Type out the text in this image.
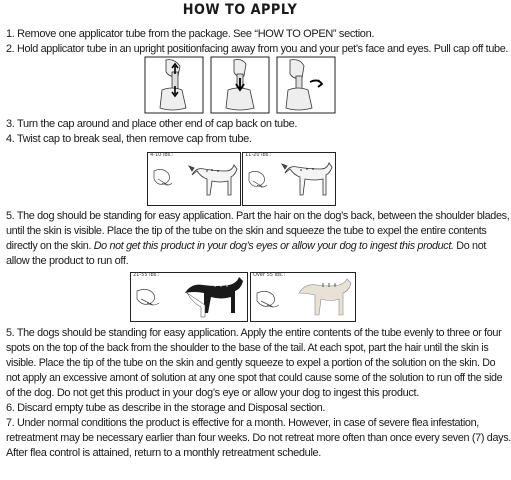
HOW TO APPLY
1. Remove one applicator tube from the package. See “HOW TO OPEN” section.
2. Hold applicator tube in an upright positionfacing away from you and your pet’s face and eyes. Pull cap off tube.
3. Turn the cap around and place other end of cap back on tube.
4. Twist cap to break seal, then remove cap from tube.
4-10 lbs.:	11-20 lbs.:
5. The dog should be standing for easy application. Part the hair on the dog’s back, between the shoulder blades,
until the skin is visible. Place the tip of the tube on the skin and squeeze the tube to expel the entire contents
directly on the skin. Do not get this product in your dog’s eyes or allow your dog to ingest this product. Do not
allow the product to run off.
21-55 lbs.:	Over 55 lbs.:
5. The dogs should be standing for easy application. Apply the entire contents of the tube evenly to three or four
spots on the top of the back from the shoulder to the base of the tail. At each spot, part the hair until the skin is
visible. Place the tip of the tube on the skin and gently squeeze to expel a portion of the solution on the skin. Do
not apply an excessive amont of solution at any one spot that could cause some of the solution to run off the side
of the dog. Do not get this product in your dog’s eye or allow your dog to ingest this product.
6. Discard empty tube as describe in the storage and Disposal section.
7. Under normal conditions the product is effective for a month. However, in case of severe flea infestation,
retreatment may be necessary earlier than four weeks. Do not retreat more often than once every seven (7) days.
After flea control is attained, return to a monthly retreatment schedule.
